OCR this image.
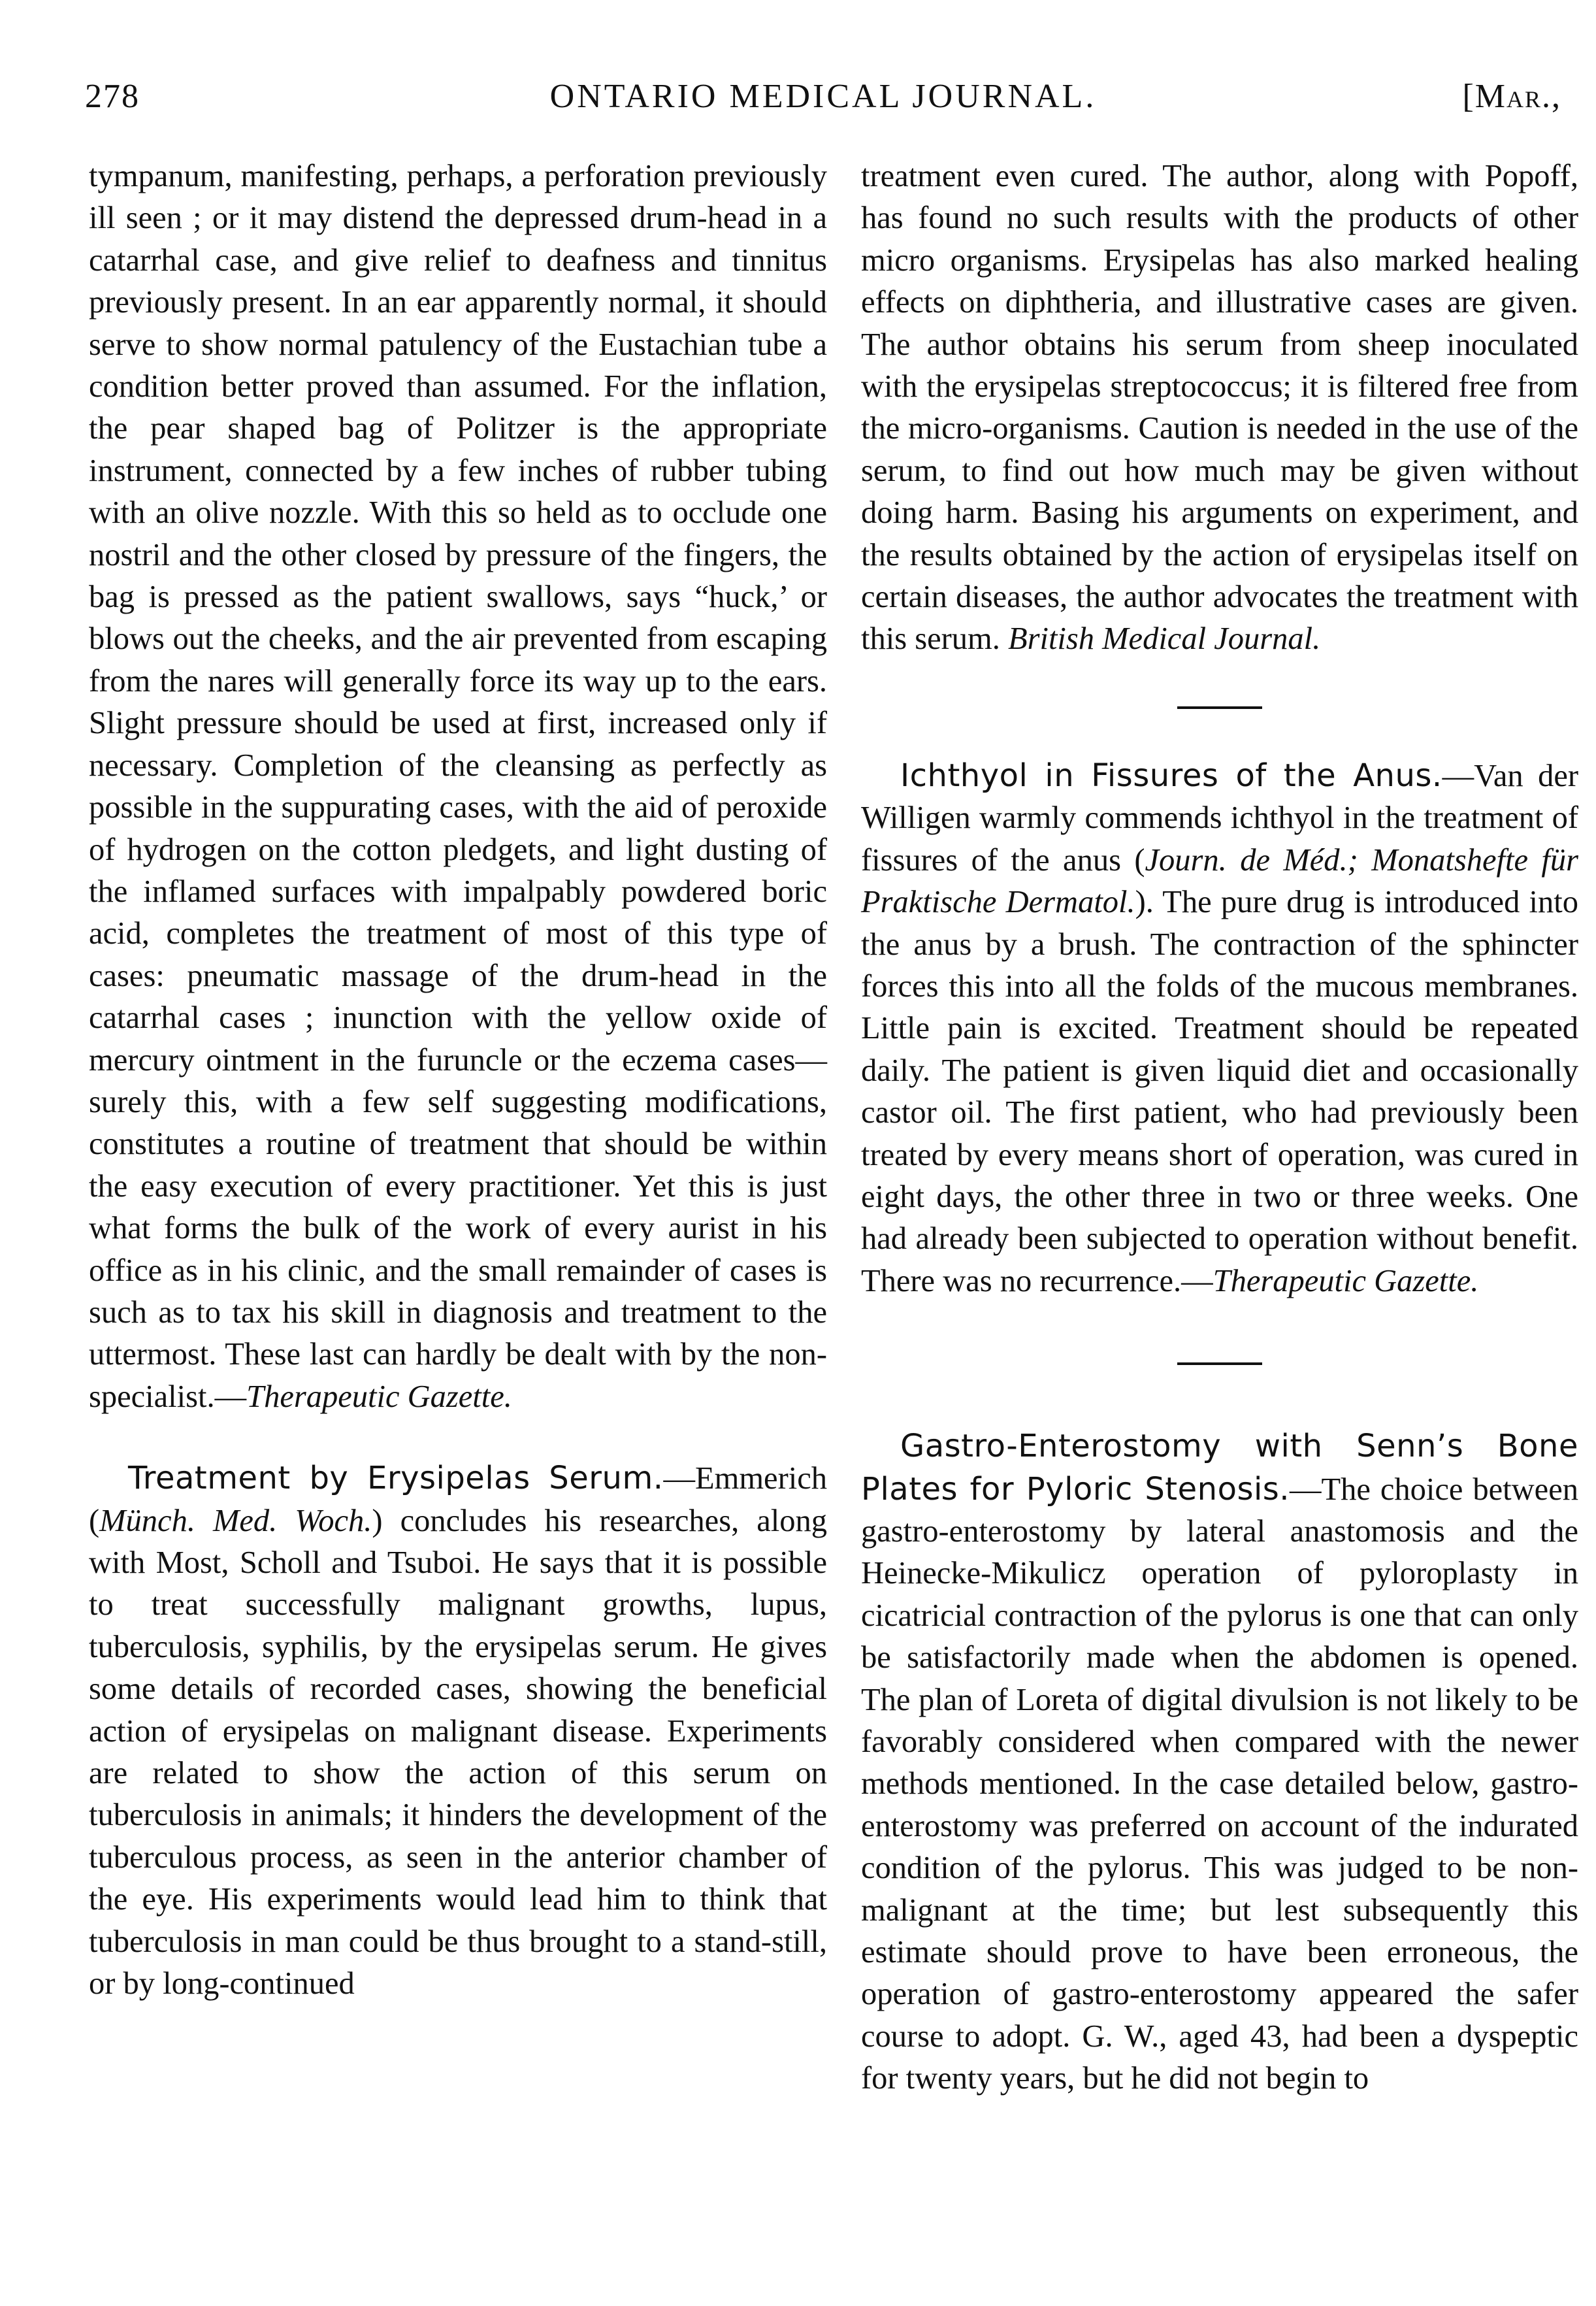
278	ONTARIO MEDICAL JOURNAL.	[Mar.,

tympanum, manifesting, perhaps, a perforation previously ill seen ; or it may distend the depressed drum-head in a catarrhal case, and give relief to deafness and tinnitus previously present. In an ear apparently normal, it should serve to show normal patulency of the Eustachian tube a condition better proved than assumed. For the inflation, the pear shaped bag of Politzer is the appropriate instrument, connected by a few inches of rubber tubing with an olive nozzle. With this so held as to occlude one nostril and the other closed by pressure of the fingers, the bag is pressed as the patient swallows, says “huck,’ or blows out the cheeks, and the air prevented from escaping from the nares will generally force its way up to the ears. Slight pressure should be used at first, increased only if necessary. Completion of the cleansing as perfectly as possible in the suppurating cases, with the aid of peroxide of hydrogen on the cotton pledgets, and light dusting of the inflamed surfaces with impalpably powdered boric acid, completes the treatment of most of this type of cases: pneumatic massage of the drum-head in the catarrhal cases ; inunction with the yellow oxide of mercury ointment in the furuncle or the eczema cases—surely this, with a few self suggesting modifications, constitutes a routine of treatment that should be within the easy execution of every practitioner. Yet this is just what forms the bulk of the work of every aurist in his office as in his clinic, and the small remainder of cases is such as to tax his skill in diagnosis and treatment to the uttermost. These last can hardly be dealt with by the non-specialist.—Therapeutic Gazette.

Treatment by Erysipelas Serum.—Emmerich (Münch. Med. Woch.) concludes his researches, along with Most, Scholl and Tsuboi. He says that it is possible to treat successfully malignant growths, lupus, tuberculosis, syphilis, by the erysipelas serum. He gives some details of recorded cases, showing the beneficial action of erysipelas on malignant disease. Experiments are related to show the action of this serum on tuberculosis in animals; it hinders the development of the tuberculous process, as seen in the anterior chamber of the eye. His experiments would lead him to think that tuberculosis in man could be thus brought to a stand-still, or by long-continued

treatment even cured. The author, along with Popoff, has found no such results with the products of other micro organisms. Erysipelas has also marked healing effects on diphtheria, and illustrative cases are given. The author obtains his serum from sheep inoculated with the erysipelas streptococcus; it is filtered free from the micro-organisms. Caution is needed in the use of the serum, to find out how much may be given without doing harm. Basing his arguments on experiment, and the results obtained by the action of erysipelas itself on certain diseases, the author advocates the treatment with this serum. British Medical Journal.

Ichthyol in Fissures of the Anus.—Van der Willigen warmly commends ichthyol in the treatment of fissures of the anus (Journ. de Méd.; Monatshefte für Praktische Dermatol.). The pure drug is introduced into the anus by a brush. The contraction of the sphincter forces this into all the folds of the mucous membranes. Little pain is excited. Treatment should be repeated daily. The patient is given liquid diet and occasionally castor oil. The first patient, who had previously been treated by every means short of operation, was cured in eight days, the other three in two or three weeks. One had already been subjected to operation without benefit. There was no recurrence.—Therapeutic Gazette.

Gastro-Enterostomy with Senn’s Bone Plates for Pyloric Stenosis.—The choice between gastro-enterostomy by lateral anastomosis and the Heinecke-Mikulicz operation of pyloroplasty in cicatricial contraction of the pylorus is one that can only be satisfactorily made when the abdomen is opened. The plan of Loreta of digital divulsion is not likely to be favorably considered when compared with the newer methods mentioned. In the case detailed below, gastro-enterostomy was preferred on account of the indurated condition of the pylorus. This was judged to be non-malignant at the time; but lest subsequently this estimate should prove to have been erroneous, the operation of gastro-enterostomy appeared the safer course to adopt. G. W., aged 43, had been a dyspeptic for twenty years, but he did not begin to
